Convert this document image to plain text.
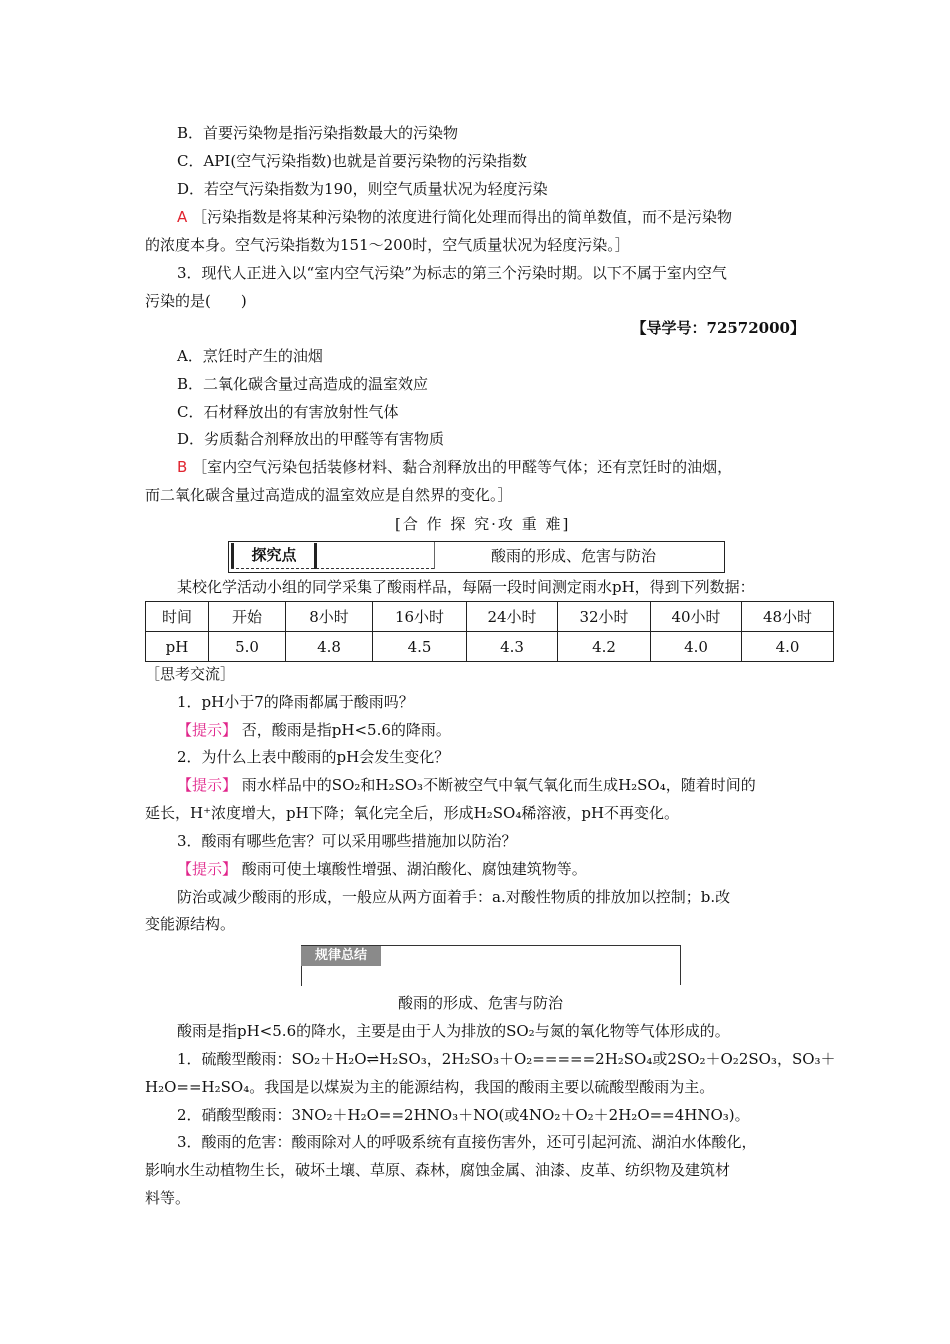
B．首要污染物是指污染指数最大的污染物
C．API(空气污染指数)也就是首要污染物的污染指数
D．若空气污染指数为190，则空气质量状况为轻度污染
A ［污染指数是将某种污染物的浓度进行简化处理而得出的简单数值，而不是污染物
的浓度本身。空气污染指数为151～200时，空气质量状况为轻度污染。］
3．现代人正进入以“室内空气污染”为标志的第三个污染时期。以下不属于室内空气
污染的是(　　)
【导学号：72572000】
A．烹饪时产生的油烟
B．二氧化碳含量过高造成的温室效应
C．石材释放出的有害放射性气体
D．劣质黏合剂释放出的甲醛等有害物质
B ［室内空气污染包括装修材料、黏合剂释放出的甲醛等气体；还有烹饪时的油烟，
而二氧化碳含量过高造成的温室效应是自然界的变化。］
[合 作 探 究·攻 重 难]
探究点	酸雨的形成、危害与防治
某校化学活动小组的同学采集了酸雨样品，每隔一段时间测定雨水pH，得到下列数据：
时间	开始	8小时	16小时	24小时	32小时	40小时	48小时
pH	5.0	4.8	4.5	4.3	4.2	4.0	4.0
［思考交流］
1．pH小于7的降雨都属于酸雨吗？
【提示】 否，酸雨是指pH<5.6的降雨。
2．为什么上表中酸雨的pH会发生变化？
【提示】 雨水样品中的SO₂和H₂SO₃不断被空气中氧气氧化而生成H₂SO₄，随着时间的
延长，H⁺浓度增大，pH下降；氧化完全后，形成H₂SO₄稀溶液，pH不再变化。
3．酸雨有哪些危害？可以采用哪些措施加以防治？
【提示】 酸雨可使土壤酸性增强、湖泊酸化、腐蚀建筑物等。
防治或减少酸雨的形成，一般应从两方面着手：a.对酸性物质的排放加以控制；b.改
变能源结构。
规律总结
酸雨的形成、危害与防治
酸雨是指pH<5.6的降水，主要是由于人为排放的SO₂与氮的氧化物等气体形成的。
1．硫酸型酸雨：SO₂＋H₂O⇌H₂SO₃，2H₂SO₃＋O₂=====2H₂SO₄或2SO₂＋O₂2SO₃，SO₃＋
H₂O==H₂SO₄。我国是以煤炭为主的能源结构，我国的酸雨主要以硫酸型酸雨为主。
2．硝酸型酸雨：3NO₂＋H₂O==2HNO₃＋NO(或4NO₂＋O₂＋2H₂O==4HNO₃)。
3．酸雨的危害：酸雨除对人的呼吸系统有直接伤害外，还可引起河流、湖泊水体酸化，
影响水生动植物生长，破坏土壤、草原、森林，腐蚀金属、油漆、皮革、纺织物及建筑材
料等。
